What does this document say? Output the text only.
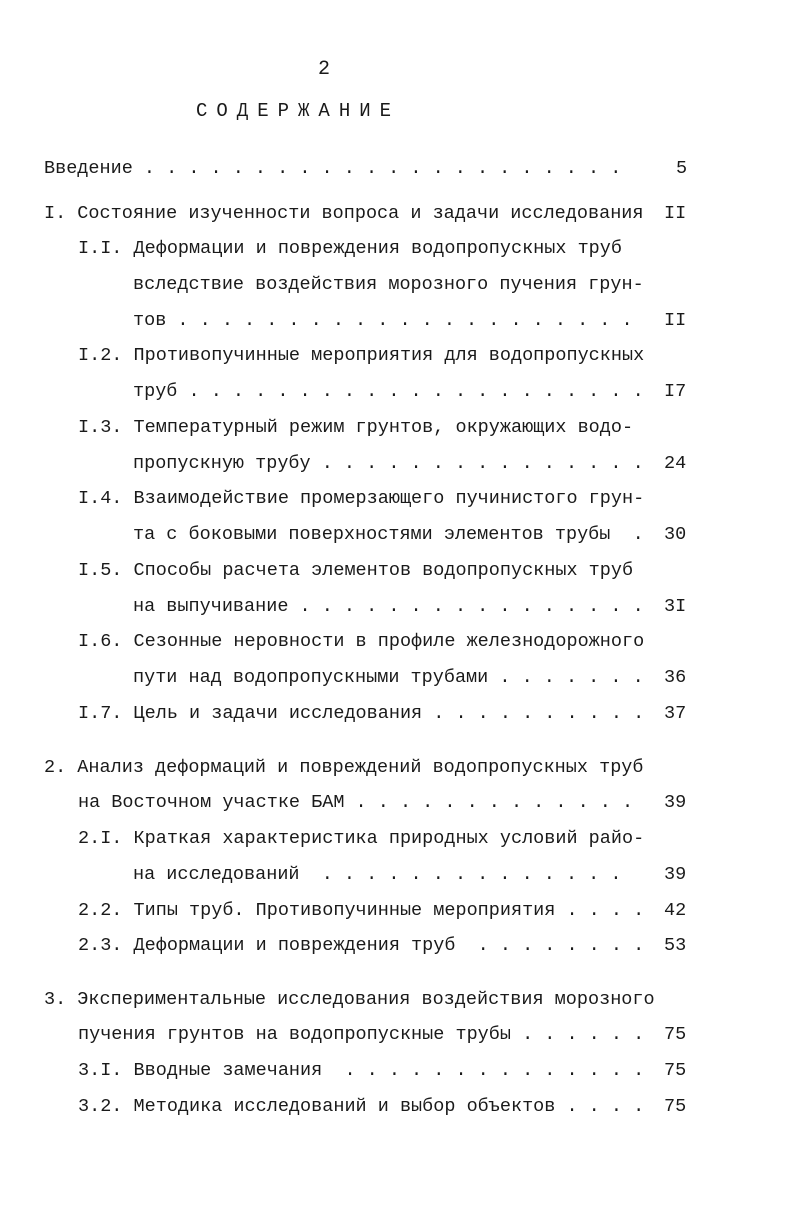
2
СОДЕРЖАНИЕ
Введение . . . . . . . . . . . . . . . . . . . . . .	5
I. Состояние изученности вопроса и задачи исследования II
I.I. Деформации и повреждения водопропускных труб
вследствие воздействия морозного пучения грун-
тов . . . . . . . . . . . . . . . . . . . . . II
I.2. Противопучинные мероприятия для водопропускных
труб . . . . . . . . . . . . . . . . . . . . . I7
I.3. Температурный режим грунтов, окружающих водо-
пропускную трубу . . . . . . . . . . . . . . . 24
I.4. Взаимодействие промерзающего пучинистого грун-
та с боковыми поверхностями элементов трубы  . 30
I.5. Способы расчета элементов водопропускных труб
на выпучивание . . . . . . . . . . . . . . . . 3I
I.6. Сезонные неровности в профиле железнодорожного
пути над водопропускными трубами . . . . . . . 36
I.7. Цель и задачи исследования . . . . . . . . . . 37
2. Анализ деформаций и повреждений водопропускных труб
на Восточном участке БАМ . . . . . . . . . . . . . 39
2.I. Краткая характеристика природных условий райо-
на исследований  . . . . . . . . . . . . . . 39
2.2. Типы труб. Противопучинные мероприятия . . . . 42
2.3. Деформации и повреждения труб  . . . . . . . . 53
3. Экспериментальные исследования воздействия морозного
пучения грунтов на водопропускные трубы . . . . . . 75
3.I. Вводные замечания  . . . . . . . . . . . . . . 75
3.2. Методика исследований и выбор объектов . . . . 75
